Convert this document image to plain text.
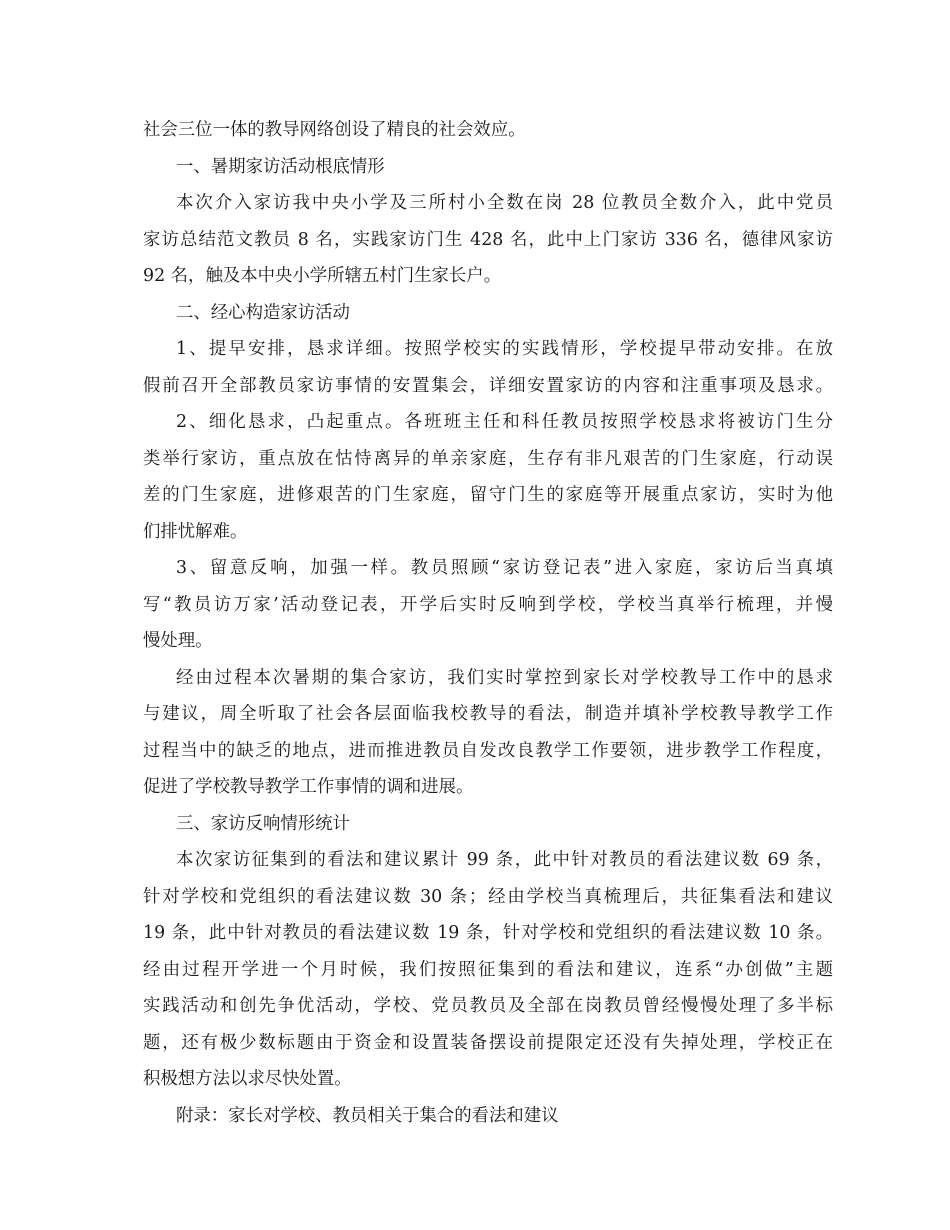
社会三位一体的教导网络创设了精良的社会效应。
一、暑期家访活动根底情形
本次介入家访我中央小学及三所村小全数在岗 28 位教员全数介入，此中党员
家访总结范文教员 8 名，实践家访门生 428 名，此中上门家访 336 名，德律风家访
92 名，触及本中央小学所辖五村门生家长户。
二、经心构造家访活动
1、提早安排，恳求详细。按照学校实的实践情形，学校提早带动安排。在放
假前召开全部教员家访事情的安置集会，详细安置家访的内容和注重事项及恳求。
2、细化恳求，凸起重点。各班班主任和科任教员按照学校恳求将被访门生分
类举行家访，重点放在怙恃离异的单亲家庭，生存有非凡艰苦的门生家庭，行动误
差的门生家庭，进修艰苦的门生家庭，留守门生的家庭等开展重点家访，实时为他
们排忧解难。
3、留意反响，加强一样。教员照顾“家访登记表”进入家庭，家访后当真填
写“教员访万家’活动登记表，开学后实时反响到学校，学校当真举行梳理，并慢
慢处理。
经由过程本次暑期的集合家访，我们实时掌控到家长对学校教导工作中的恳求
与建议，周全听取了社会各层面临我校教导的看法，制造并填补学校教导教学工作
过程当中的缺乏的地点，进而推进教员自发改良教学工作要领，进步教学工作程度，
促进了学校教导教学工作事情的调和进展。
三、家访反响情形统计
本次家访征集到的看法和建议累计 99 条，此中针对教员的看法建议数 69 条，
针对学校和党组织的看法建议数 30 条；经由学校当真梳理后，共征集看法和建议
19 条，此中针对教员的看法建议数 19 条，针对学校和党组织的看法建议数 10 条。
经由过程开学进一个月时候，我们按照征集到的看法和建议，连系“办创做”主题
实践活动和创先争优活动，学校、党员教员及全部在岗教员曾经慢慢处理了多半标
题，还有极少数标题由于资金和设置装备摆设前提限定还没有失掉处理，学校正在
积极想方法以求尽快处置。
附录：家长对学校、教员相关于集合的看法和建议
